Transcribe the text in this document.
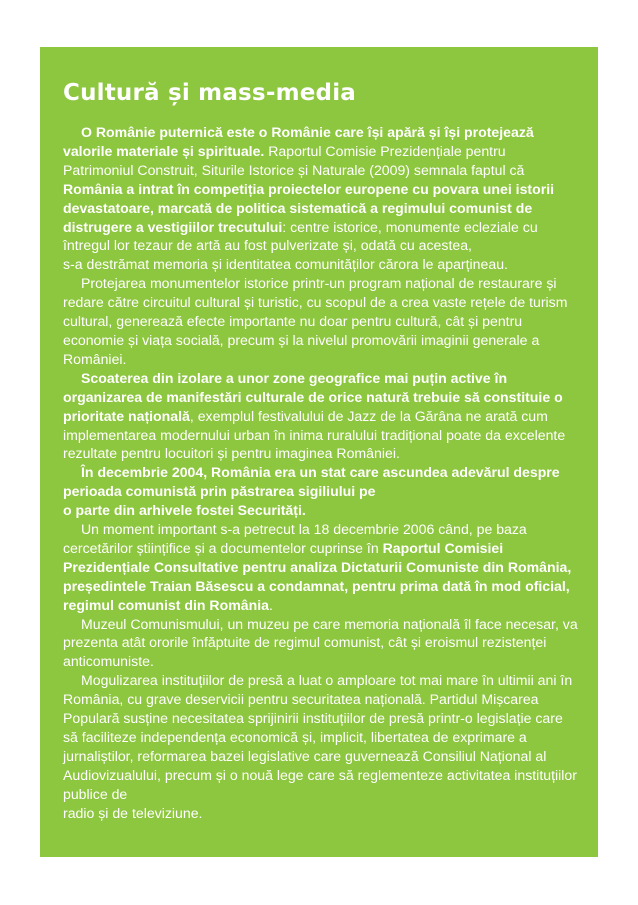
Cultură și mass-media

O Românie puternică este o Românie care își apără și își protejează valorile materiale și spirituale. Raportul Comisie Prezidențiale pentru Patrimoniul Construit, Siturile Istorice și Naturale (2009) semnala faptul că România a intrat în competiția proiectelor europene cu povara unei istorii devastatoare, marcată de politica sistematică a regimului comunist de distrugere a vestigiilor trecutului: centre istorice, monumente ecleziale cu întregul lor tezaur de artă au fost pulverizate și, odată cu acestea,

s-a destrămat memoria și identitatea comunităților cărora le aparțineau.

Protejarea monumentelor istorice printr-un program național de restaurare și redare către circuitul cultural și turistic, cu scopul de a crea vaste rețele de turism cultural, generează efecte importante nu doar pentru cultură, cât și pentru economie și viața socială, precum și la nivelul promovării imaginii generale a României.

Scoaterea din izolare a unor zone geografice mai puțin active în organizarea de manifestări culturale de orice natură trebuie să constituie o prioritate națională, exemplul festivalului de Jazz de la Gărâna ne arată cum implementarea modernului urban în inima ruralului tradițional poate da excelente rezultate pentru locuitori și pentru imaginea României.

În decembrie 2004, România era un stat care ascundea adevărul despre perioada comunistă prin păstrarea sigiliului pe

o parte din arhivele fostei Securități.

Un moment important s-a petrecut la 18 decembrie 2006 când, pe baza cercetărilor științifice și a documentelor cuprinse în Raportul Comisiei Prezidențiale Consultative pentru analiza Dictaturii Comuniste din România, președintele Traian Băsescu a condamnat, pentru prima dată în mod oficial, regimul comunist din România.

Muzeul Comunismului, un muzeu pe care memoria națională îl face necesar, va prezenta atât ororile înfăptuite de regimul comunist, cât și eroismul rezistenței anticomuniste.

Mogulizarea instituțiilor de presă a luat o amploare tot mai mare în ultimii ani în România, cu grave deservicii pentru securitatea națională. Partidul Mișcarea Populară susține necesitatea sprijinirii instituțiilor de presă printr-o legislație care să faciliteze independența economică și, implicit, libertatea de exprimare a jurnaliștilor, reformarea bazei legislative care guvernează Consiliul Național al Audiovizualului, precum și o nouă lege care să reglementeze activitatea instituțiilor publice de

radio și de televiziune.
